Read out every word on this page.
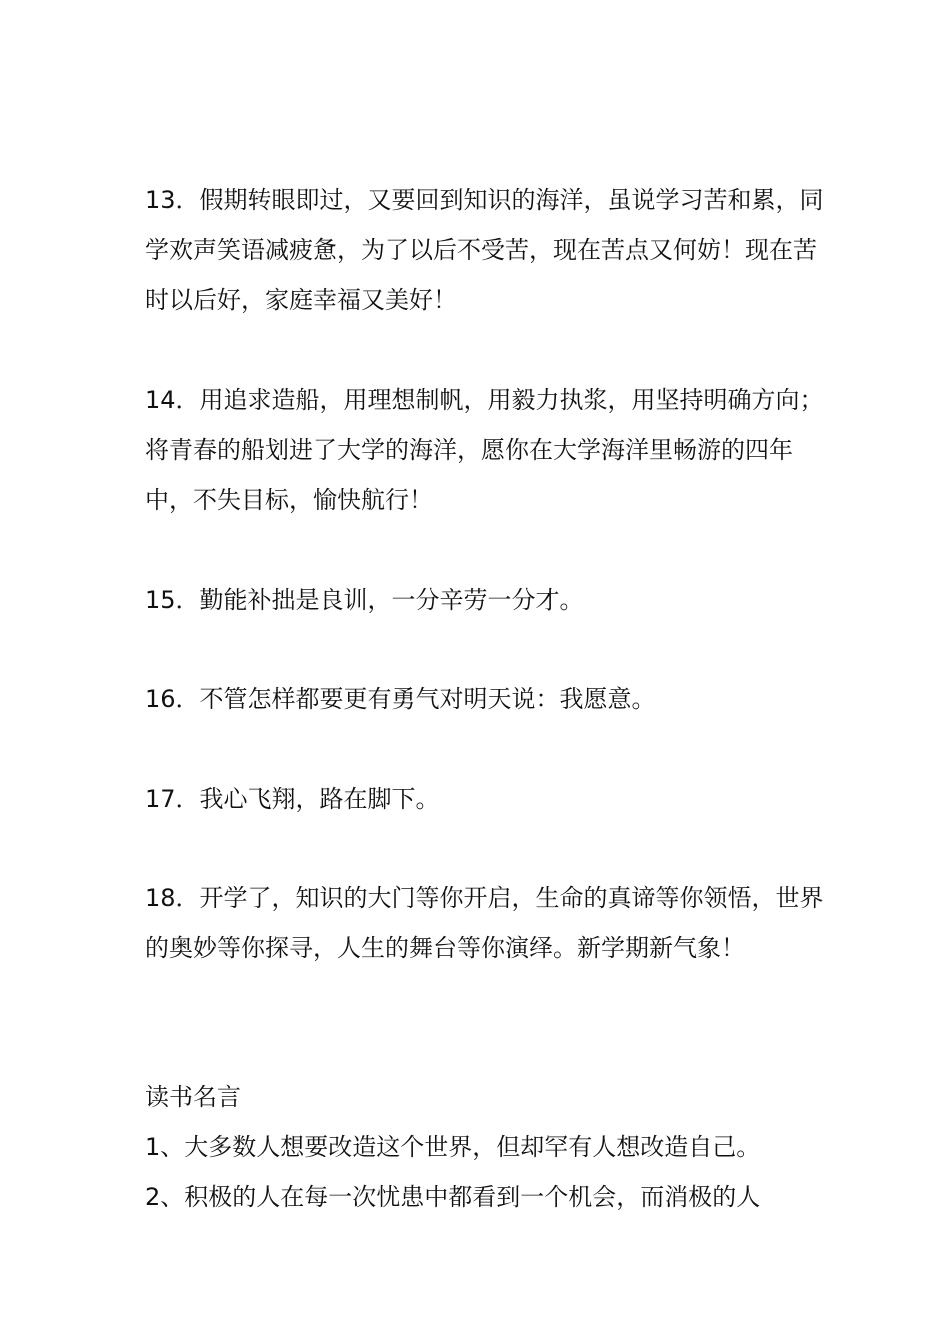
13．假期转眼即过，又要回到知识的海洋，虽说学习苦和累，同学欢声笑语减疲惫，为了以后不受苦，现在苦点又何妨！现在苦时以后好，家庭幸福又美好！
14．用追求造船，用理想制帆，用毅力执浆，用坚持明确方向；将青春的船划进了大学的海洋，愿你在大学海洋里畅游的四年中，不失目标，愉快航行！
15．勤能补拙是良训，一分辛劳一分才。
16．不管怎样都要更有勇气对明天说：我愿意。
17．我心飞翔，路在脚下。
18．开学了，知识的大门等你开启，生命的真谛等你领悟，世界的奥妙等你探寻，人生的舞台等你演绎。新学期新气象！
读书名言
1、大多数人想要改造这个世界，但却罕有人想改造自己。
2、积极的人在每一次忧患中都看到一个机会，而消极的人
